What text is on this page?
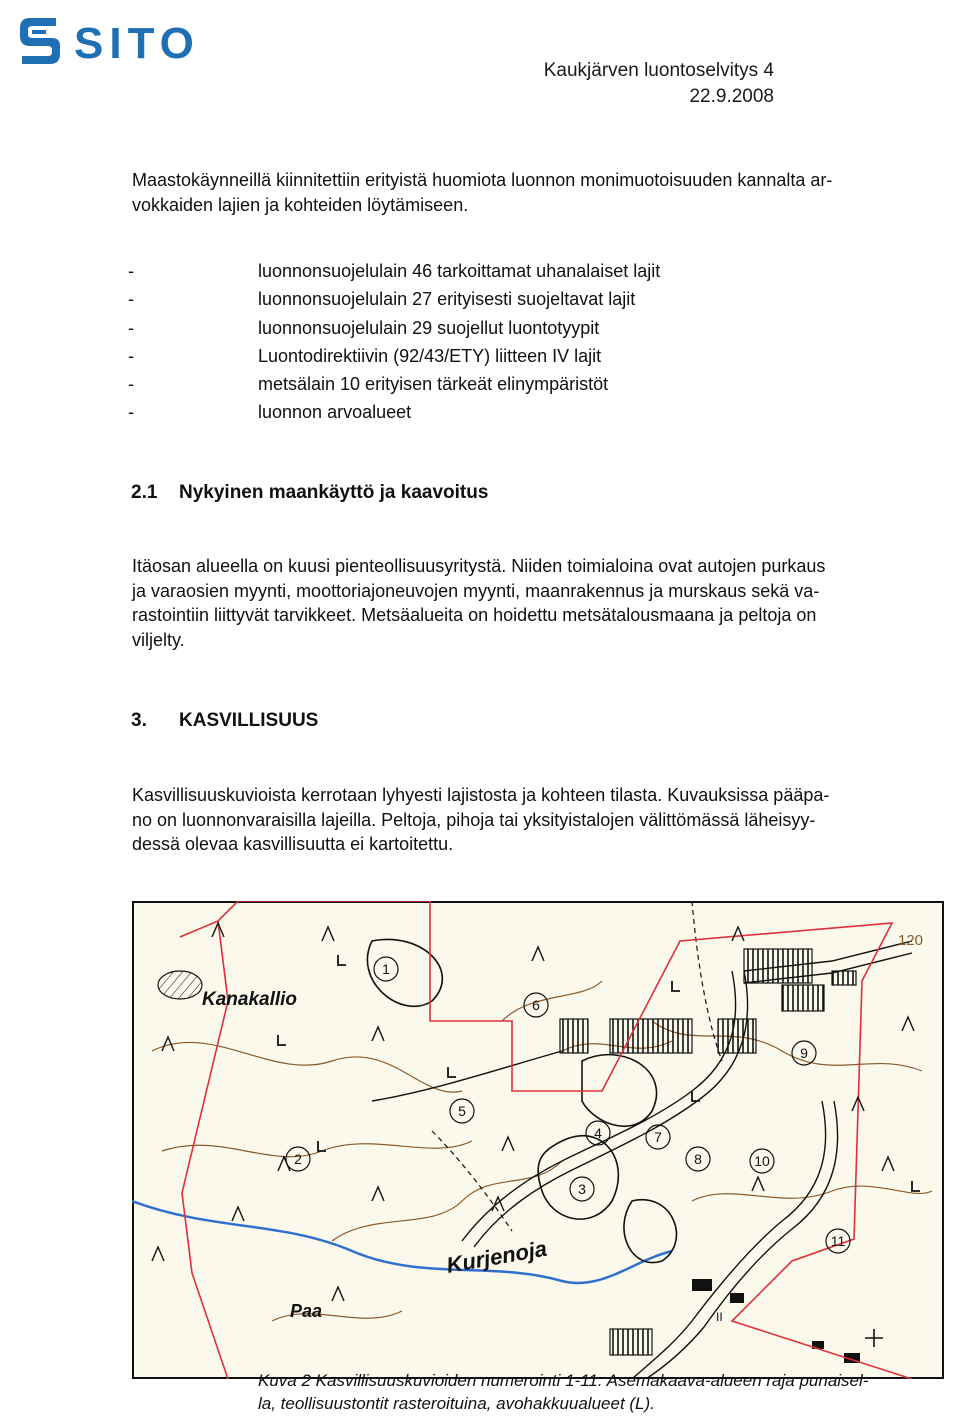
SITO
Kaukjärven luontoselvitys 4
22.9.2008
Maastokäynneillä kiinnitettiin erityistä huomiota luonnon monimuotoisuuden kannalta ar-
vokkaiden lajien ja kohteiden löytämiseen.
-	luonnonsuojelulain 46 tarkoittamat uhanalaiset lajit
-	luonnonsuojelulain 27 erityisesti suojeltavat lajit
-	luonnonsuojelulain 29 suojellut luontotyypit
-	Luontodirektiivin (92/43/ETY) liitteen IV lajit
-	metsälain 10 erityisen tärkeät elinympäristöt
-	luonnon arvoalueet
2.1 Nykyinen maankäyttö ja kaavoitus
Itäosan alueella on kuusi pienteollisuusyritystä. Niiden toimialoina ovat autojen purkaus
ja varaosien myynti, moottoriajoneuvojen myynti, maanrakennus ja murskaus sekä va-
rastointiin liittyvät tarvikkeet. Metsäalueita on hoidettu metsätalousmaana ja peltoja on
viljelty.
3. KASVILLISUUS
Kasvillisuuskuvioista kerrotaan lyhyesti lajistosta ja kohteen tilasta. Kuvauksissa pääpa-
no on luonnonvaraisilla lajeilla. Peltoja, pihoja tai yksityistalojen välittömässä läheisyy-
dessä olevaa kasvillisuutta ei kartoitettu.
Kanakallio
Kurjenoja
Paa
120
II
1
2
3
4
5
6
7
8
9
10
11
Kuva 2 Kasvillisuuskuvioiden numerointi 1-11. Asemakaava-alueen raja punaisel-
la, teollisuustontit rasteroituina, avohakkuualueet (L).
